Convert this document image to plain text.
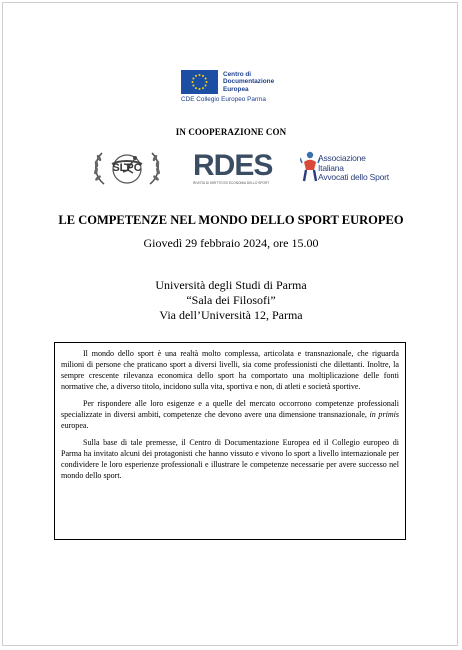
Centro di
Documentazione
Europea
CDE Collegio Europeo Parma
IN COOPERAZIONE CON
SLPC	RDES
RIVISTA DI DIRITTO ED ECONOMIA DELLO SPORT
Associazione
Italiana
Avvocati dello Sport
LE COMPETENZE NEL MONDO DELLO SPORT EUROPEO
Giovedì 29 febbraio 2024, ore 15.00
Università degli Studi di Parma
“Sala dei Filosofi”
Via dell’Università 12, Parma

Il mondo dello sport è una realtà molto complessa, articolata e transnazionale, che riguarda milioni di persone che praticano sport a diversi livelli, sia come professionisti che dilettanti. Inoltre, la sempre crescente rilevanza economica dello sport ha comportato una moltiplicazione delle fonti normative che, a diverso titolo, incidono sulla vita, sportiva e non, di atleti e società sportive.

Per rispondere alle loro esigenze e a quelle del mercato occorrono competenze professionali specializzate in diversi ambiti, competenze che devono avere una dimensione transnazionale, in primis europea.

Sulla base di tale premesse, il Centro di Documentazione Europea ed il Collegio europeo di Parma ha invitato alcuni dei protagonisti che hanno vissuto e vivono lo sport a livello internazionale per condividere le loro esperienze professionali e illustrare le competenze necessarie per avere successo nel mondo dello sport.
